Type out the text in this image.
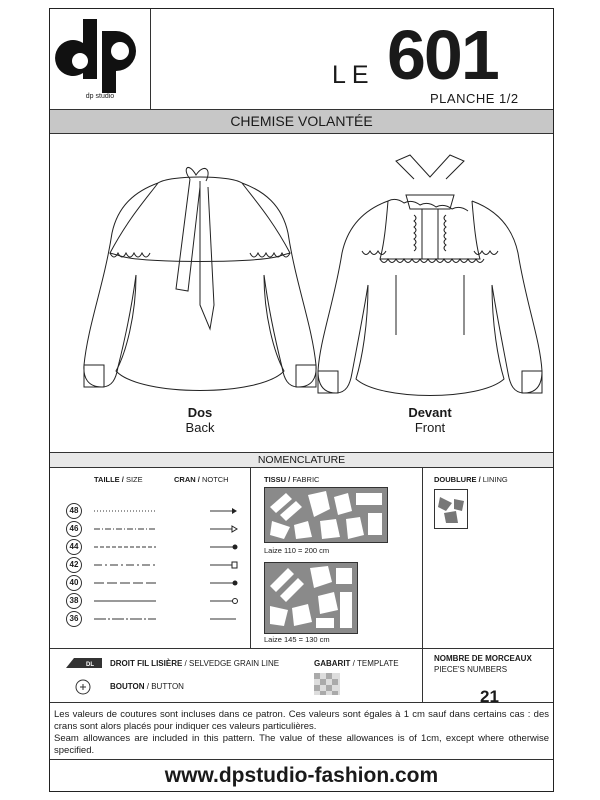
dp studio
LE 601
PLANCHE 1/2
CHEMISE VOLANTÉE
Dos
Back
Devant
Front
NOMENCLATURE
TAILLE / SIZE	CRAN / NOTCH
48
46
44
42
40
38
36
TISSU / FABRIC
Laize 110 = 200 cm
Laize 145 = 130 cm
DOUBLURE / LINING
DL DROIT FIL LISIÈRE / SELVEDGE GRAIN LINE
BOUTON / BUTTON
GABARIT / TEMPLATE
NOMBRE DE MORCEAUX
PIECE'S NUMBERS
21

Les valeurs de coutures sont incluses dans ce patron. Ces valeurs sont égales à 1 cm sauf dans certains cas : des crans sont alors placés pour indiquer ces valeurs particulières.

Seam allowances are included in this pattern. The value of these allowances is of 1cm, except where otherwise specified.

www.dpstudio-fashion.com
